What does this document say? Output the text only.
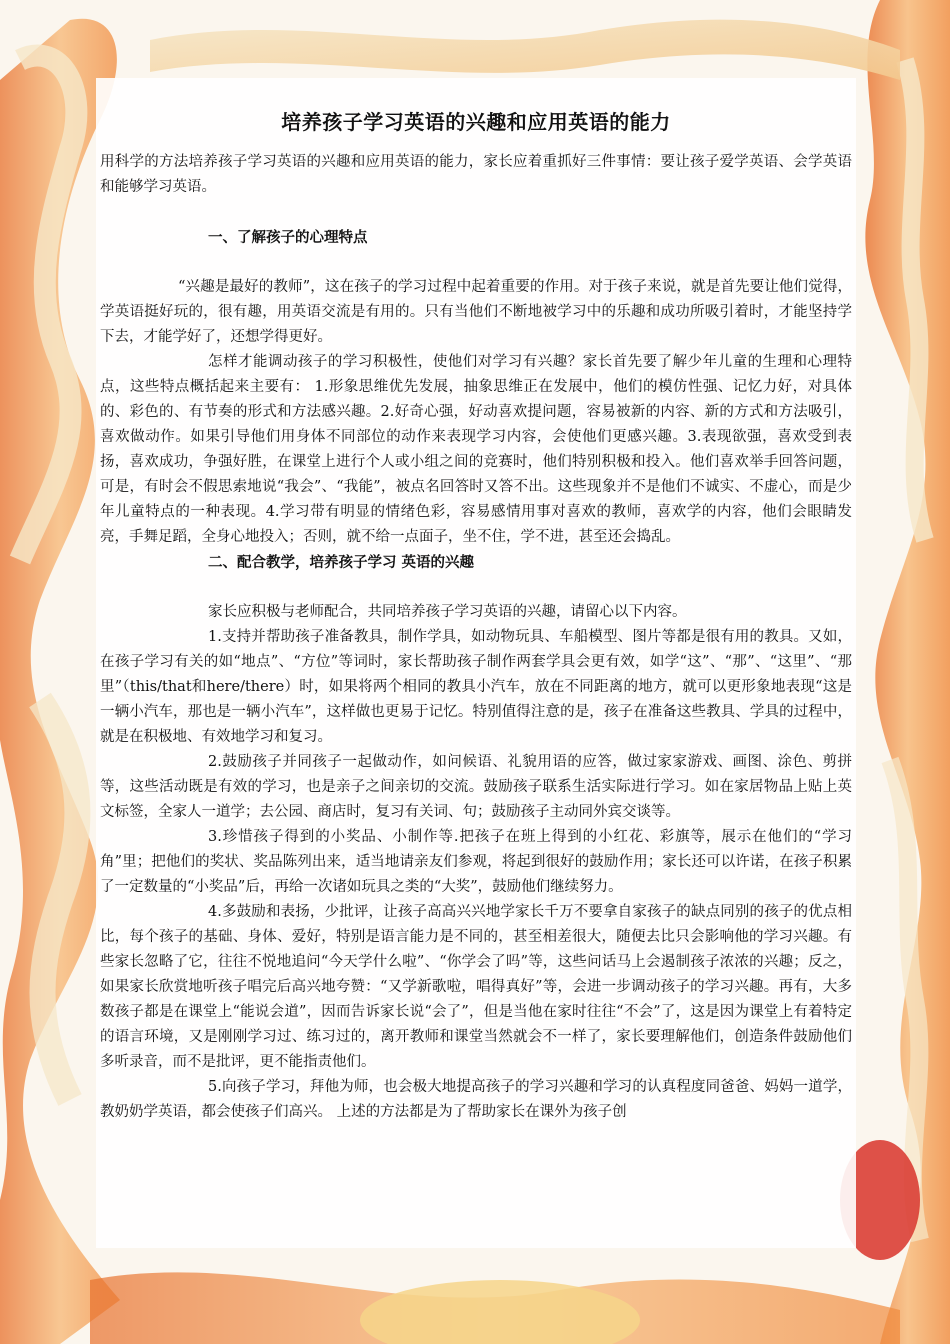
培养孩子学习英语的兴趣和应用英语的能力

用科学的方法培养孩子学习英语的兴趣和应用英语的能力，家长应着重抓好三件事情：要让孩子爱学英语、会学英语和能够学习英语。

一、了解孩子的心理特点

“兴趣是最好的教师”，这在孩子的学习过程中起着重要的作用。对于孩子来说，就是首先要让他们觉得，学英语挺好玩的，很有趣，用英语交流是有用的。只有当他们不断地被学习中的乐趣和成功所吸引着时，才能坚持学下去，才能学好了，还想学得更好。

怎样才能调动孩子的学习积极性，使他们对学习有兴趣？家长首先要了解少年儿童的生理和心理特点，这些特点概括起来主要有： 1.形象思维优先发展，抽象思维正在发展中，他们的模仿性强、记忆力好，对具体的、彩色的、有节奏的形式和方法感兴趣。2.好奇心强，好动喜欢提问题，容易被新的内容、新的方式和方法吸引，喜欢做动作。如果引导他们用身体不同部位的动作来表现学习内容，会使他们更感兴趣。3.表现欲强，喜欢受到表扬，喜欢成功，争强好胜，在课堂上进行个人或小组之间的竞赛时，他们特别积极和投入。他们喜欢举手回答问题，可是，有时会不假思索地说“我会”、“我能”，被点名回答时又答不出。这些现象并不是他们不诚实、不虚心，而是少年儿童特点的一种表现。4.学习带有明显的情绪色彩，容易感情用事对喜欢的教师，喜欢学的内容，他们会眼睛发亮，手舞足蹈，全身心地投入；否则，就不给一点面子，坐不住，学不进，甚至还会捣乱。

二、配合教学，培养孩子学习 英语的兴趣

家长应积极与老师配合，共同培养孩子学习英语的兴趣，请留心以下内容。

1.支持并帮助孩子准备教具，制作学具，如动物玩具、车船模型、图片等都是很有用的教具。又如，在孩子学习有关的如“地点”、“方位”等词时，家长帮助孩子制作两套学具会更有效，如学“这”、“那”、“这里”、“那里”（this/that和here/there）时，如果将两个相同的教具小汽车，放在不同距离的地方，就可以更形象地表现“这是一辆小汽车，那也是一辆小汽车”，这样做也更易于记忆。特别值得注意的是，孩子在准备这些教具、学具的过程中，就是在积极地、有效地学习和复习。

2.鼓励孩子并同孩子一起做动作，如问候语、礼貌用语的应答，做过家家游戏、画图、涂色、剪拼等，这些活动既是有效的学习，也是亲子之间亲切的交流。鼓励孩子联系生活实际进行学习。如在家居物品上贴上英文标签，全家人一道学；去公园、商店时，复习有关词、句；鼓励孩子主动同外宾交谈等。

3.珍惜孩子得到的小奖品、小制作等.把孩子在班上得到的小红花、彩旗等，展示在他们的“学习角”里；把他们的奖状、奖品陈列出来，适当地请亲友们参观，将起到很好的鼓励作用；家长还可以许诺，在孩子积累了一定数量的“小奖品”后，再给一次诸如玩具之类的“大奖”，鼓励他们继续努力。

4.多鼓励和表扬，少批评，让孩子高高兴兴地学家长千万不要拿自家孩子的缺点同别的孩子的优点相比，每个孩子的基础、身体、爱好，特别是语言能力是不同的，甚至相差很大，随便去比只会影响他的学习兴趣。有些家长忽略了它，往往不悦地追问“今天学什么啦”、“你学会了吗”等，这些问话马上会遏制孩子浓浓的兴趣；反之，如果家长欣赏地听孩子唱完后高兴地夸赞：“又学新歌啦，唱得真好”等，会进一步调动孩子的学习兴趣。再有，大多数孩子都是在课堂上“能说会道”，因而告诉家长说“会了”，但是当他在家时往往“不会”了，这是因为课堂上有着特定的语言环境，又是刚刚学习过、练习过的，离开教师和课堂当然就会不一样了，家长要理解他们，创造条件鼓励他们多听录音，而不是批评，更不能指责他们。

5.向孩子学习，拜他为师，也会极大地提高孩子的学习兴趣和学习的认真程度同爸爸、妈妈一道学，教奶奶学英语，都会使孩子们高兴。 上述的方法都是为了帮助家长在课外为孩子创
